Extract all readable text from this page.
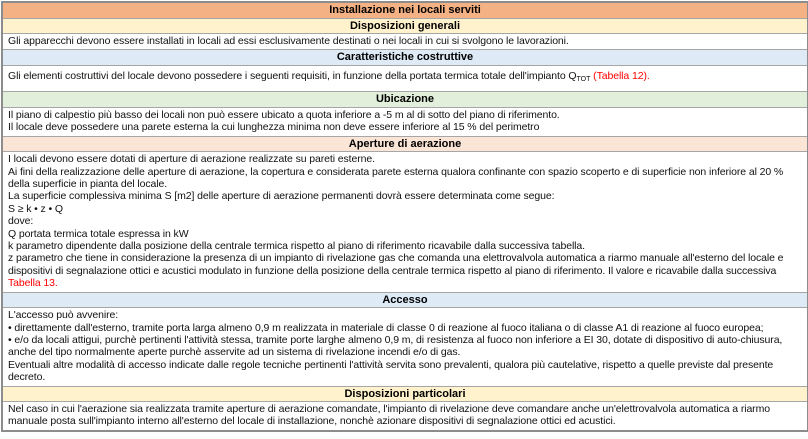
Installazione nei locali serviti
Disposizioni generali

Gli apparecchi devono essere installati in locali ad essi esclusivamente destinati o nei locali in cui si svolgono le lavorazioni.

Caratteristiche costruttive

Gli elementi costruttivi del locale devono possedere i seguenti requisiti, in funzione della portata termica totale dell'impianto $Q_{TOT}$ (Tabella 12).

Ubicazione

Il piano di calpestio più basso dei locali non può essere ubicato a quota inferiore a -5 m al di sotto del piano di riferimento.

Il locale deve possedere una parete esterna la cui lunghezza minima non deve essere inferiore al 15 % del perimetro

Aperture di aerazione

I locali devono essere dotati di aperture di aerazione realizzate su pareti esterne.

Ai fini della realizzazione delle aperture di aerazione, la copertura e considerata parete esterna qualora confinante con spazio scoperto e di superficie non inferiore al 20 % della superficie in pianta del locale.

La superficie complessiva minima S [m2] delle aperture di aerazione permanenti dovrà essere determinata come segue:

S ≥ k • z • Q

dove:

Q portata termica totale espressa in kW

k parametro dipendente dalla posizione della centrale termica rispetto al piano di riferimento ricavabile dalla successiva tabella.

z parametro che tiene in considerazione la presenza di un impianto di rivelazione gas che comanda una elettrovalvola automatica a riarmo manuale all'esterno del locale e dispositivi di segnalazione ottici e acustici modulato in funzione della posizione della centrale termica rispetto al piano di riferimento. Il valore e ricavabile dalla successiva Tabella 13.

Accesso

L'accesso può avvenire:

• direttamente dall'esterno, tramite porta larga almeno 0,9 m realizzata in materiale di classe 0 di reazione al fuoco italiana o di classe A1 di reazione al fuoco europea;

• e/o da locali attigui, purchè pertinenti l'attività stessa, tramite porte larghe almeno 0,9 m, di resistenza al fuoco non inferiore a EI 30, dotate di dispositivo di auto-chiusura, anche del tipo normalmente aperte purchè asservite ad un sistema di rivelazione incendi e/o di gas.

Eventuali altre modalità di accesso indicate dalle regole tecniche pertinenti l'attività servita sono prevalenti, qualora più cautelative, rispetto a quelle previste dal presente decreto.

Disposizioni particolari

Nel caso in cui l'aerazione sia realizzata tramite aperture di aerazione comandate, l'impianto di rivelazione deve comandare anche un'elettrovalvola automatica a riarmo manuale posta sull'impianto interno all'esterno del locale di installazione, nonchè azionare dispositivi di segnalazione ottici ed acustici.
